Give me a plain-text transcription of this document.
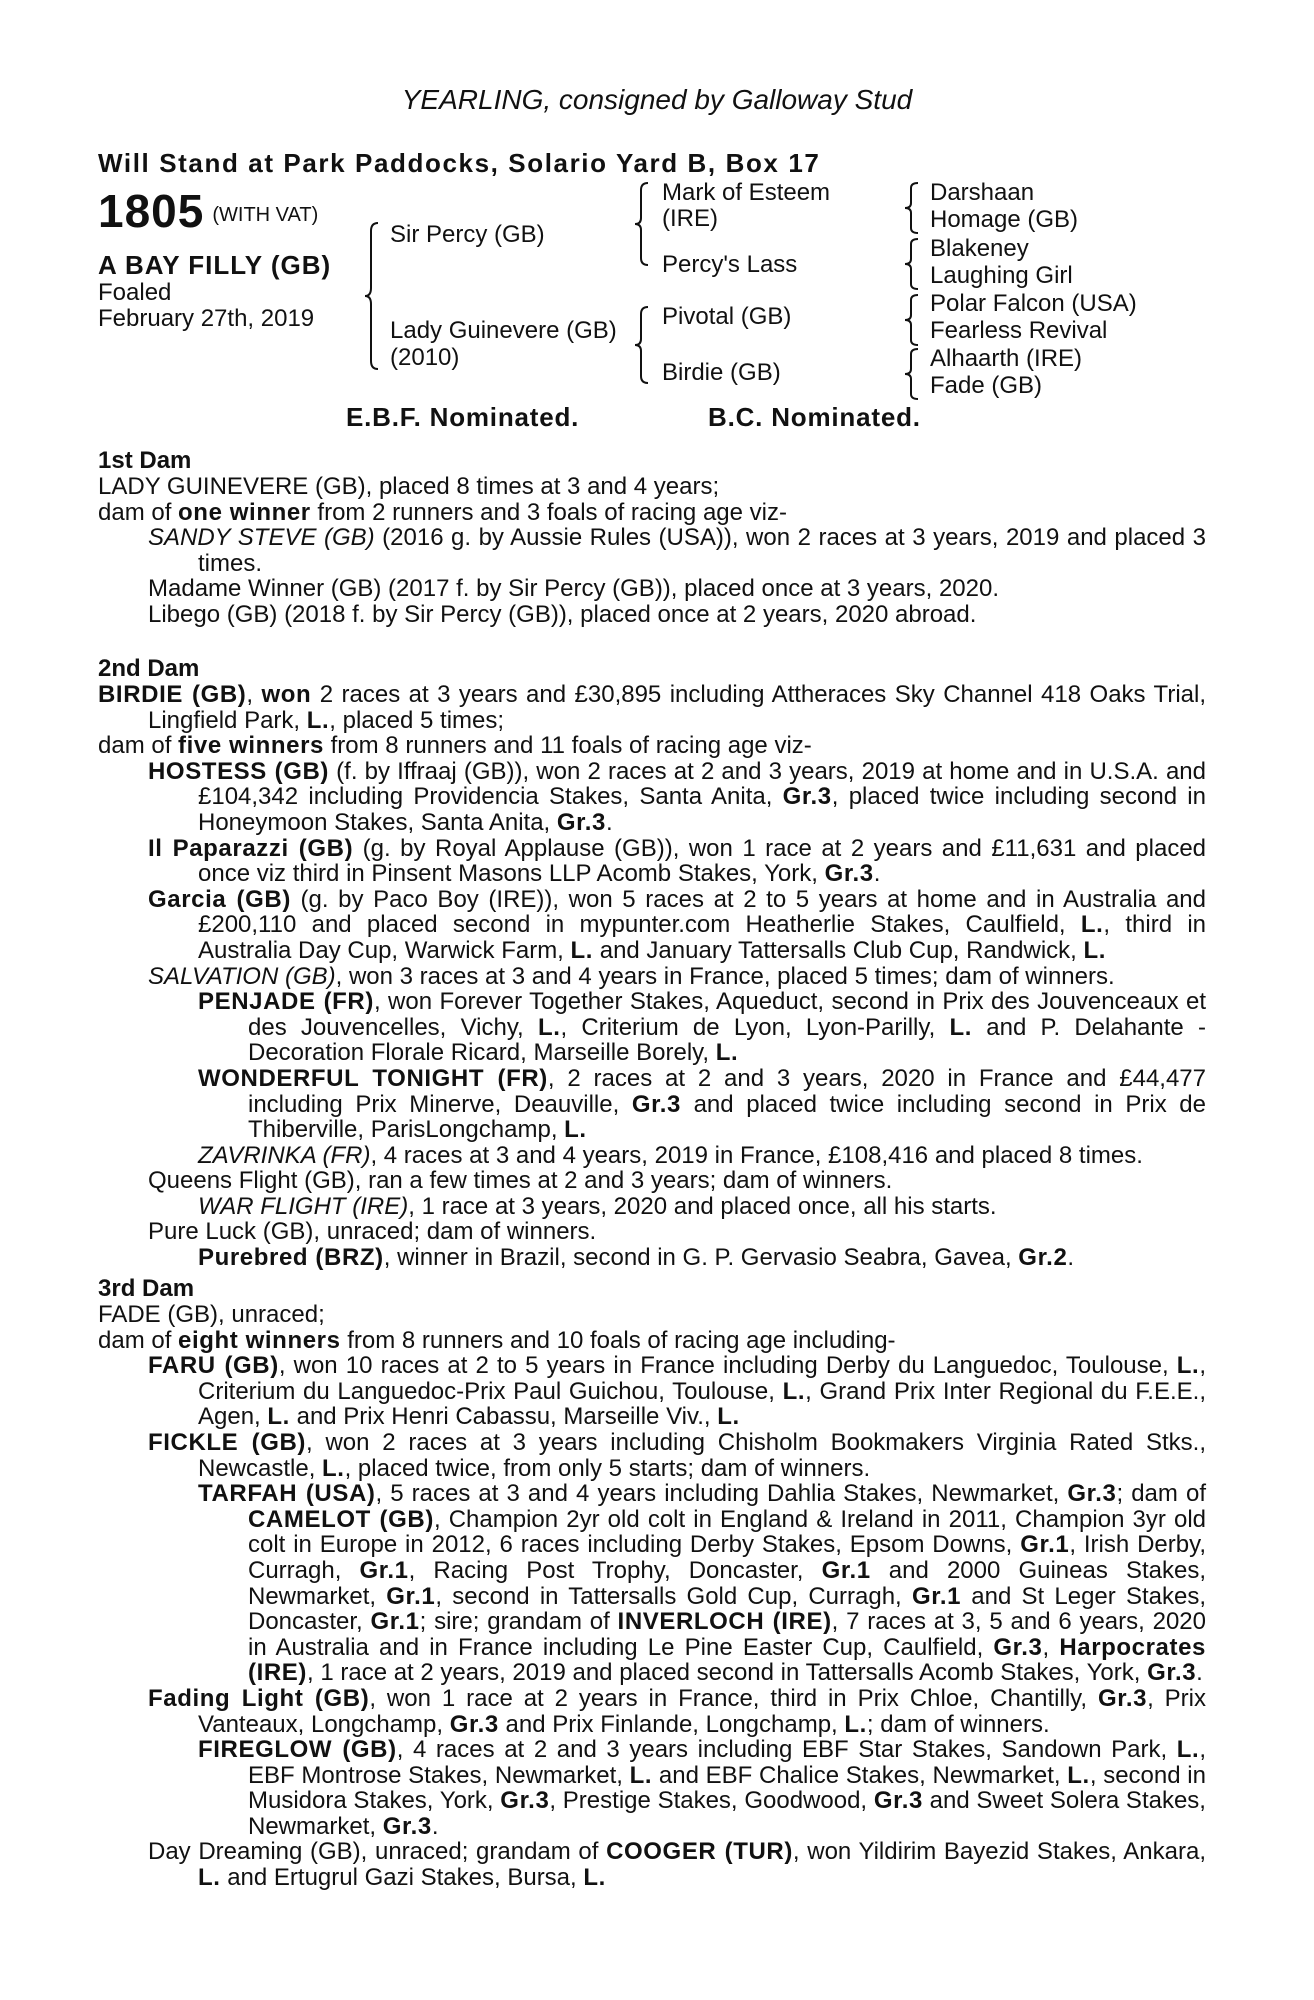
YEARLING, consigned by Galloway Stud
Will Stand at Park Paddocks, Solario Yard B, Box 17
1805 $^{(WITH VAT)}$
A BAY FILLY (GB)
Foaled
February 27th, 2019
Sir Percy (GB)
Lady Guinevere (GB)
(2010)
Mark of Esteem
(IRE)
Percy's Lass
Pivotal (GB)
Birdie (GB)
Darshaan
Homage (GB)
Blakeney
Laughing Girl
Polar Falcon (USA)
Fearless Revival
Alhaarth (IRE)
Fade (GB)
E.B.F. Nominated.	B.C. Nominated.
1st Dam

LADY GUINEVERE (GB), placed 8 times at 3 and 4 years;

dam of one winner from 2 runners and 3 foals of racing age viz-

SANDY STEVE (GB) (2016 g. by Aussie Rules (USA)), won 2 races at 3 years, 2019 and placed 3 times.

Madame Winner (GB) (2017 f. by Sir Percy (GB)), placed once at 3 years, 2020.

Libego (GB) (2018 f. by Sir Percy (GB)), placed once at 2 years, 2020 abroad.

2nd Dam

BIRDIE (GB), won 2 races at 3 years and £30,895 including Attheraces Sky Channel 418 Oaks Trial, Lingfield Park, L., placed 5 times;

dam of five winners from 8 runners and 11 foals of racing age viz-

HOSTESS (GB) (f. by Iffraaj (GB)), won 2 races at 2 and 3 years, 2019 at home and in U.S.A. and £104,342 including Providencia Stakes, Santa Anita, Gr.3, placed twice including second in Honeymoon Stakes, Santa Anita, Gr.3.

Il Paparazzi (GB) (g. by Royal Applause (GB)), won 1 race at 2 years and £11,631 and placed once viz third in Pinsent Masons LLP Acomb Stakes, York, Gr.3.

Garcia (GB) (g. by Paco Boy (IRE)), won 5 races at 2 to 5 years at home and in Australia and £200,110 and placed second in mypunter.com Heatherlie Stakes, Caulfield, L., third in Australia Day Cup, Warwick Farm, L. and January Tattersalls Club Cup, Randwick, L.

SALVATION (GB), won 3 races at 3 and 4 years in France, placed 5 times; dam of winners.

PENJADE (FR), won Forever Together Stakes, Aqueduct, second in Prix des Jouvenceaux et des Jouvencelles, Vichy, L., Criterium de Lyon, Lyon-Parilly, L. and P. Delahante - Decoration Florale Ricard, Marseille Borely, L.

WONDERFUL TONIGHT (FR), 2 races at 2 and 3 years, 2020 in France and £44,477 including Prix Minerve, Deauville, Gr.3 and placed twice including second in Prix de Thiberville, ParisLongchamp, L.

ZAVRINKA (FR), 4 races at 3 and 4 years, 2019 in France, £108,416 and placed 8 times.

Queens Flight (GB), ran a few times at 2 and 3 years; dam of winners.

WAR FLIGHT (IRE), 1 race at 3 years, 2020 and placed once, all his starts.

Pure Luck (GB), unraced; dam of winners.

Purebred (BRZ), winner in Brazil, second in G. P. Gervasio Seabra, Gavea, Gr.2.

3rd Dam

FADE (GB), unraced;

dam of eight winners from 8 runners and 10 foals of racing age including-

FARU (GB), won 10 races at 2 to 5 years in France including Derby du Languedoc, Toulouse, L., Criterium du Languedoc-Prix Paul Guichou, Toulouse, L., Grand Prix Inter Regional du F.E.E., Agen, L. and Prix Henri Cabassu, Marseille Viv., L.

FICKLE (GB), won 2 races at 3 years including Chisholm Bookmakers Virginia Rated Stks., Newcastle, L., placed twice, from only 5 starts; dam of winners.

TARFAH (USA), 5 races at 3 and 4 years including Dahlia Stakes, Newmarket, Gr.3; dam of CAMELOT (GB), Champion 2yr old colt in England & Ireland in 2011, Champion 3yr old colt in Europe in 2012, 6 races including Derby Stakes, Epsom Downs, Gr.1, Irish Derby, Curragh, Gr.1, Racing Post Trophy, Doncaster, Gr.1 and 2000 Guineas Stakes, Newmarket, Gr.1, second in Tattersalls Gold Cup, Curragh, Gr.1 and St Leger Stakes, Doncaster, Gr.1; sire; grandam of INVERLOCH (IRE), 7 races at 3, 5 and 6 years, 2020 in Australia and in France including Le Pine Easter Cup, Caulfield, Gr.3, Harpocrates (IRE), 1 race at 2 years, 2019 and placed second in Tattersalls Acomb Stakes, York, Gr.3.

Fading Light (GB), won 1 race at 2 years in France, third in Prix Chloe, Chantilly, Gr.3, Prix Vanteaux, Longchamp, Gr.3 and Prix Finlande, Longchamp, L.; dam of winners.

FIREGLOW (GB), 4 races at 2 and 3 years including EBF Star Stakes, Sandown Park, L., EBF Montrose Stakes, Newmarket, L. and EBF Chalice Stakes, Newmarket, L., second in Musidora Stakes, York, Gr.3, Prestige Stakes, Goodwood, Gr.3 and Sweet Solera Stakes, Newmarket, Gr.3.

Day Dreaming (GB), unraced; grandam of COOGER (TUR), won Yildirim Bayezid Stakes, Ankara, L. and Ertugrul Gazi Stakes, Bursa, L.
